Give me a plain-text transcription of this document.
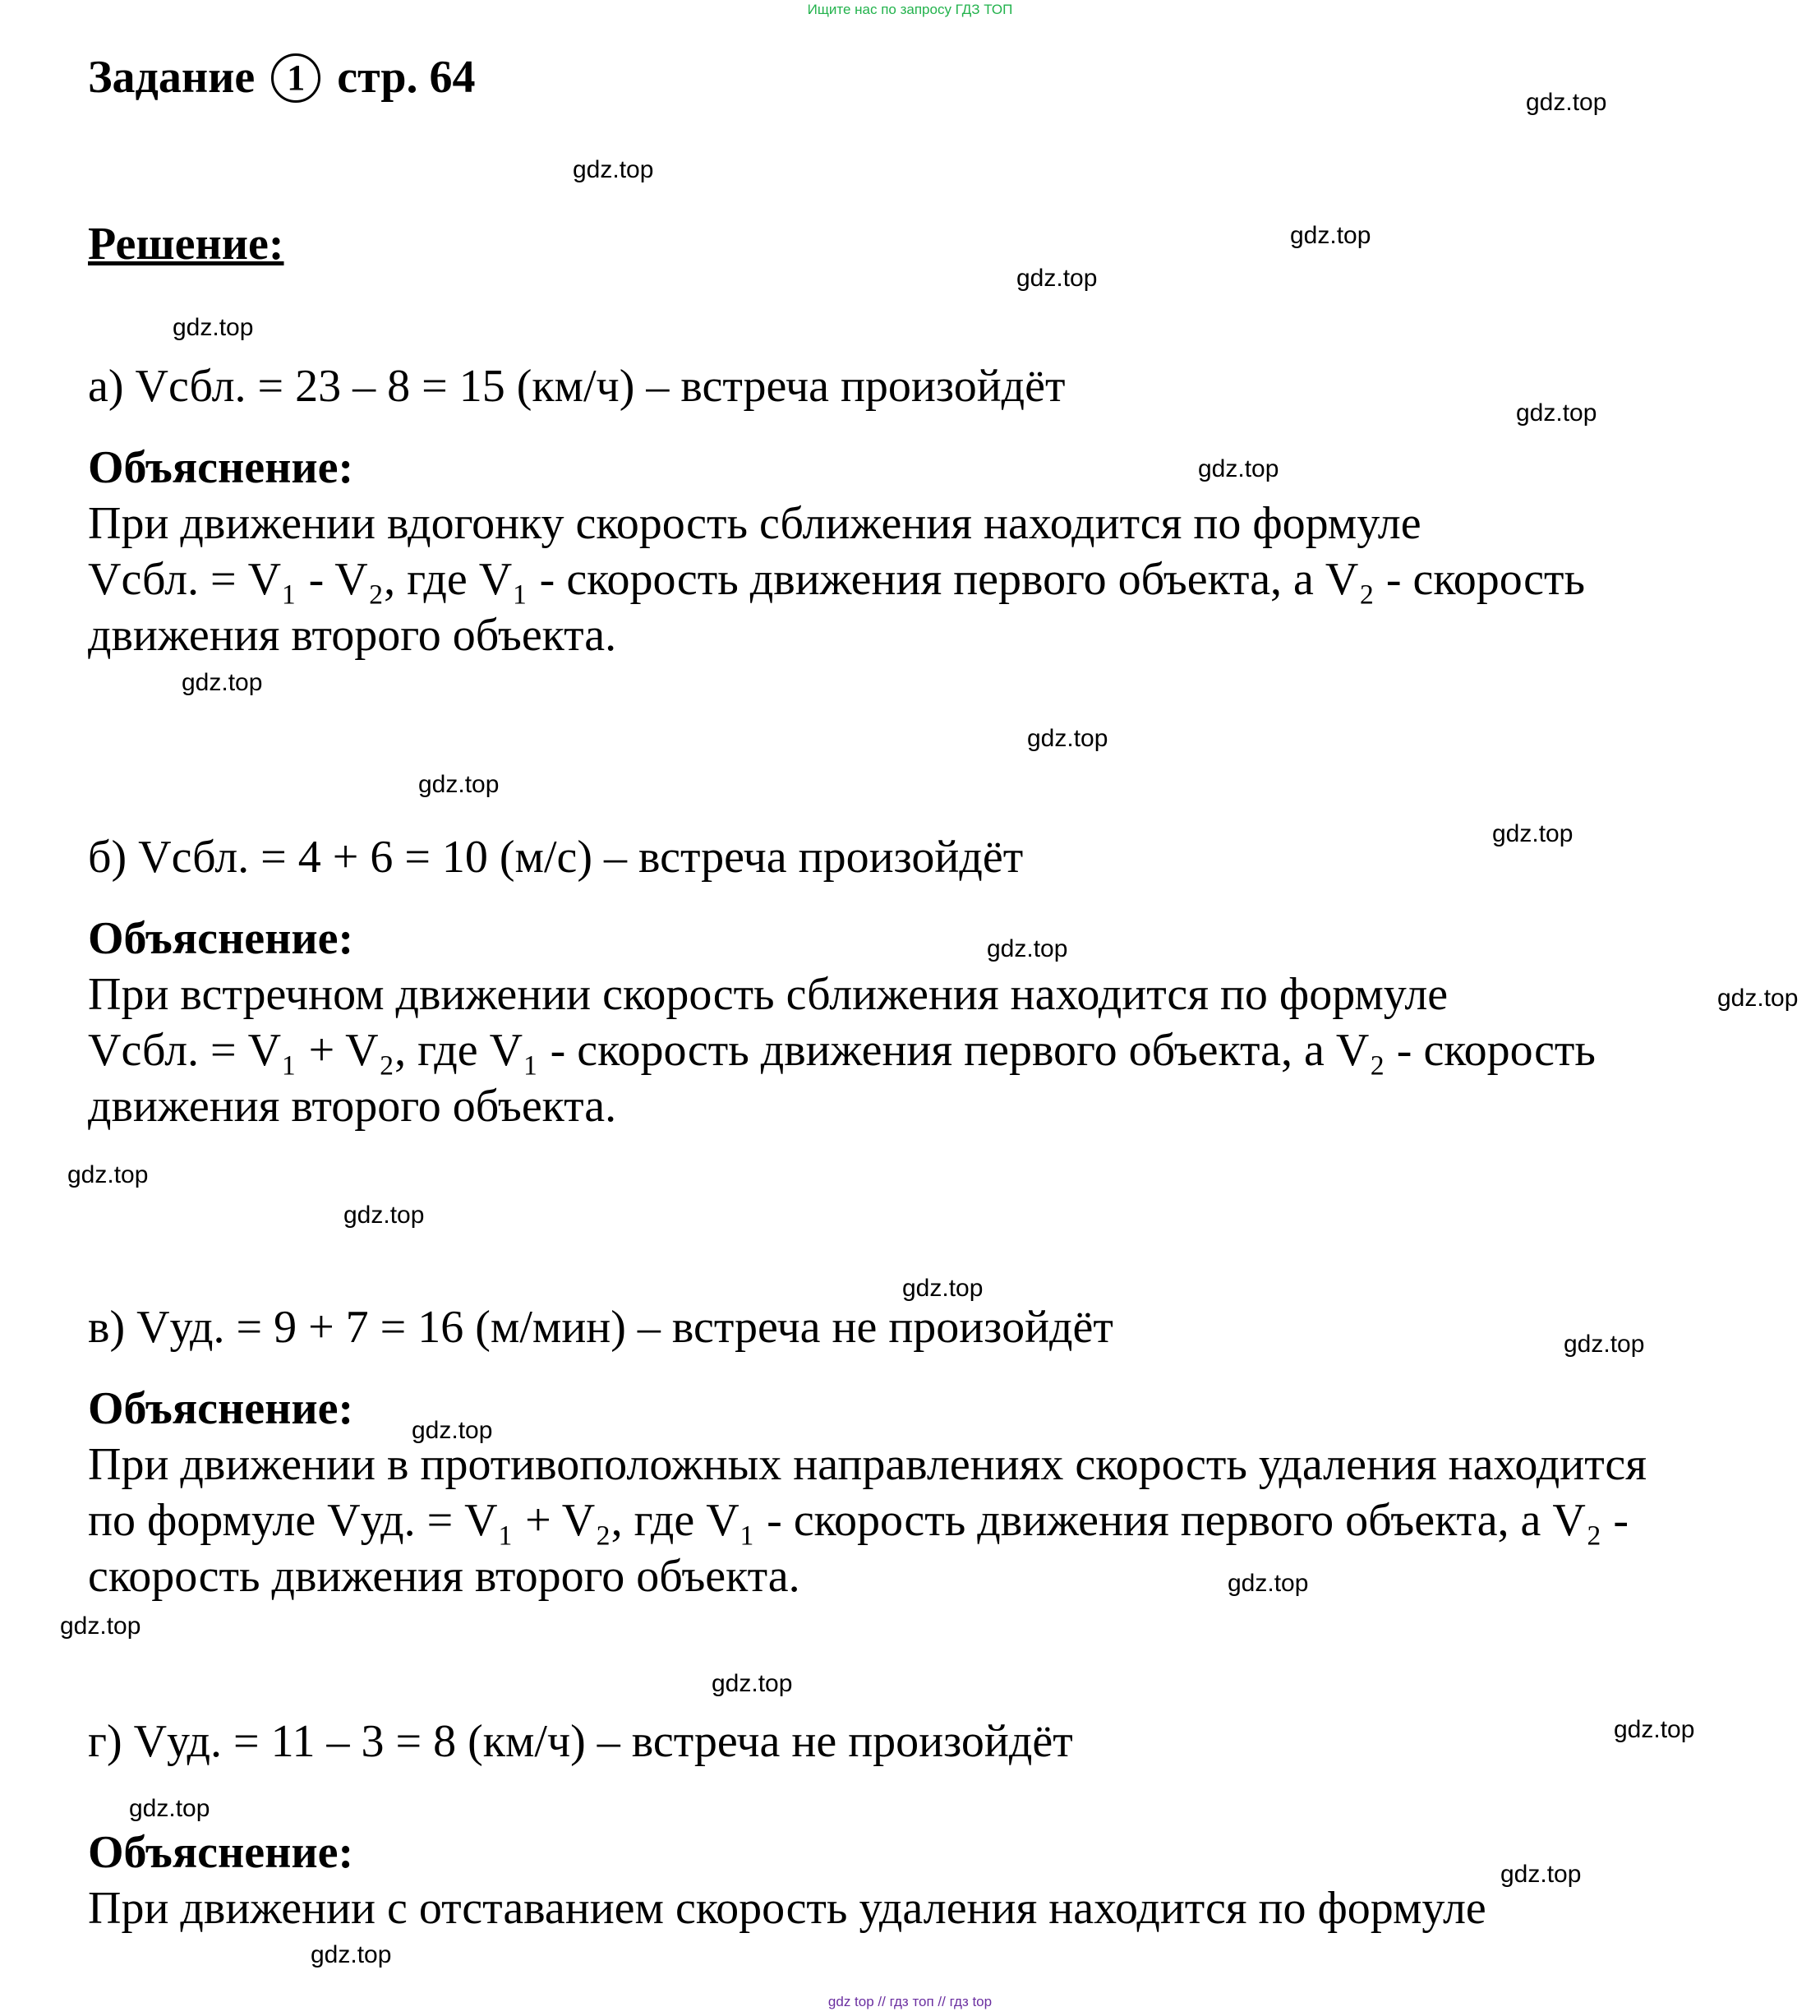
Ищите нас по запросу ГДЗ ТОП
Задание 1 стр. 64
Решение:
а) Vсбл. = 23 – 8 = 15 (км/ч) – встреча произойдёт
Объяснение:
При движении вдогонку скорость сближения находится по формуле
Vсбл. = V₁ - V₂, где V₁ - скорость движения первого объекта, а V₂ - скорость
движения второго объекта.
б) Vсбл. = 4 + 6 = 10 (м/с) – встреча произойдёт
Объяснение:
При встречном движении скорость сближения находится по формуле
Vсбл. = V₁ + V₂, где V₁ - скорость движения первого объекта, а V₂ - скорость
движения второго объекта.
в) Vуд. = 9 + 7 = 16 (м/мин) – встреча не произойдёт
Объяснение:
При движении в противоположных направлениях скорость удаления находится
по формуле Vуд. = V₁ + V₂, где V₁ - скорость движения первого объекта, а V₂ -
скорость движения второго объекта.
г) Vуд. = 11 – 3 = 8 (км/ч) – встреча не произойдёт
Объяснение:
При движении с отставанием скорость удаления находится по формуле
gdz.top
gdz.top
gdz.top
gdz.top
gdz.top
gdz.top
gdz.top
gdz.top
gdz.top
gdz.top
gdz.top
gdz.top
gdz.top
gdz.top
gdz.top
gdz.top
gdz.top
gdz.top
gdz.top
gdz.top
gdz.top
gdz.top
gdz.top
gdz.top
gdz.top
gdz top // гдз топ // гдз top
